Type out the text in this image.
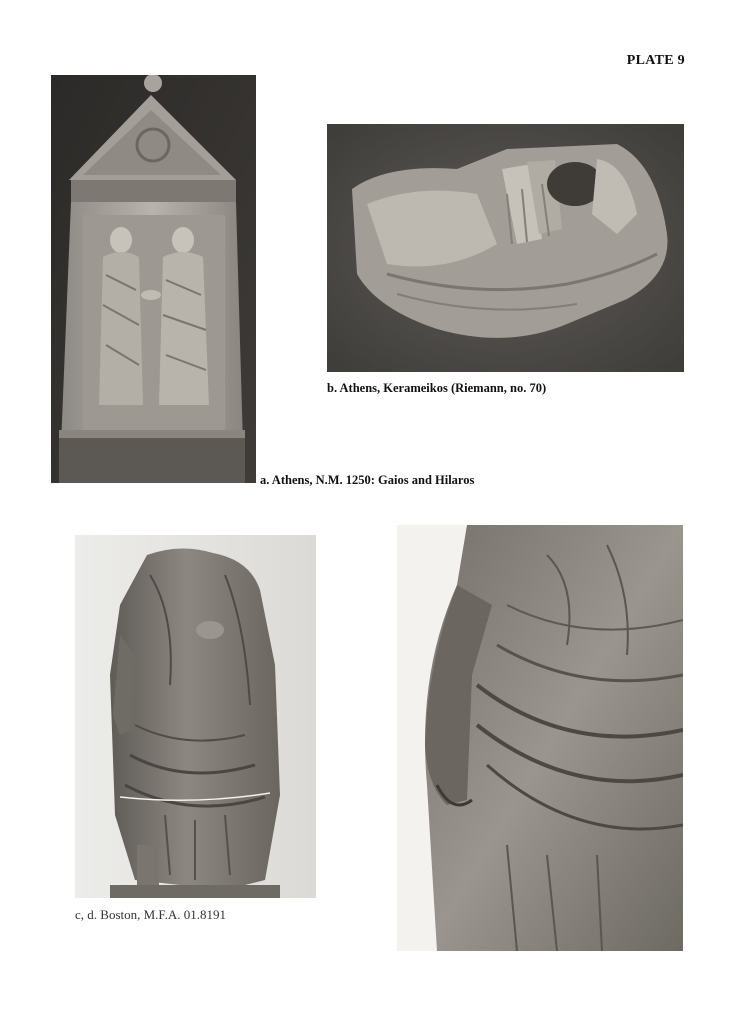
PLATE 9
b. Athens, Kerameikos (Riemann, no. 70)
a. Athens, N.M. 1250: Gaios and Hilaros
c, d. Boston, M.F.A. 01.8191
